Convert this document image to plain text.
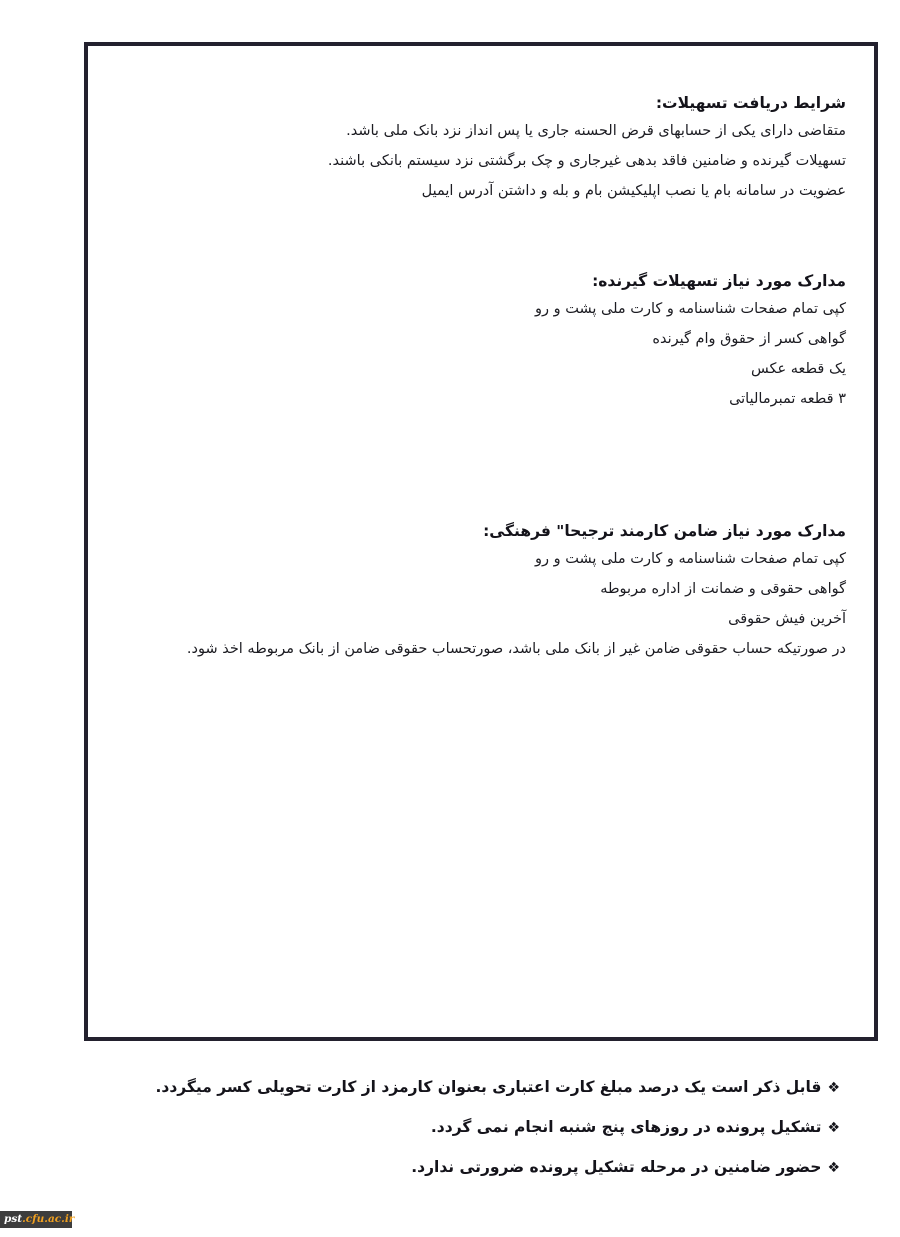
شرایط دریافت تسهیلات:

متقاضی دارای یکی از حسابهای قرض الحسنه جاری یا پس انداز نزد بانک ملی باشد.

تسهیلات گیرنده و ضامنین فاقد بدهی غیرجاری و چک برگشتی نزد سیستم بانکی باشند.

عضویت در سامانه بام یا نصب اپلیکیشن بام و بله و داشتن آدرس ایمیل

مدارک مورد نیاز تسهیلات گیرنده:

کپی تمام صفحات شناسنامه و کارت ملی پشت و رو

گواهی کسر از حقوق وام گیرنده

یک قطعه عکس

۳ قطعه تمبرمالیاتی

مدارک مورد نیاز ضامن کارمند ترجیحا" فرهنگی:

کپی تمام صفحات شناسنامه و کارت ملی پشت و رو

گواهی حقوقی و ضمانت از اداره مربوطه

آخرین فیش حقوقی

در صورتیکه حساب حقوقی ضامن غیر از بانک ملی باشد، صورتحساب حقوقی ضامن از بانک مربوطه اخذ شود.

❖قابل ذکر است یک درصد مبلغ کارت اعتباری بعنوان کارمزد از کارت تحویلی کسر میگردد.
❖تشکیل پرونده در روزهای پنج شنبه انجام نمی گردد.
❖حضور ضامنین در مرحله تشکیل پرونده ضرورتی ندارد.
pst.cfu.ac.ir
